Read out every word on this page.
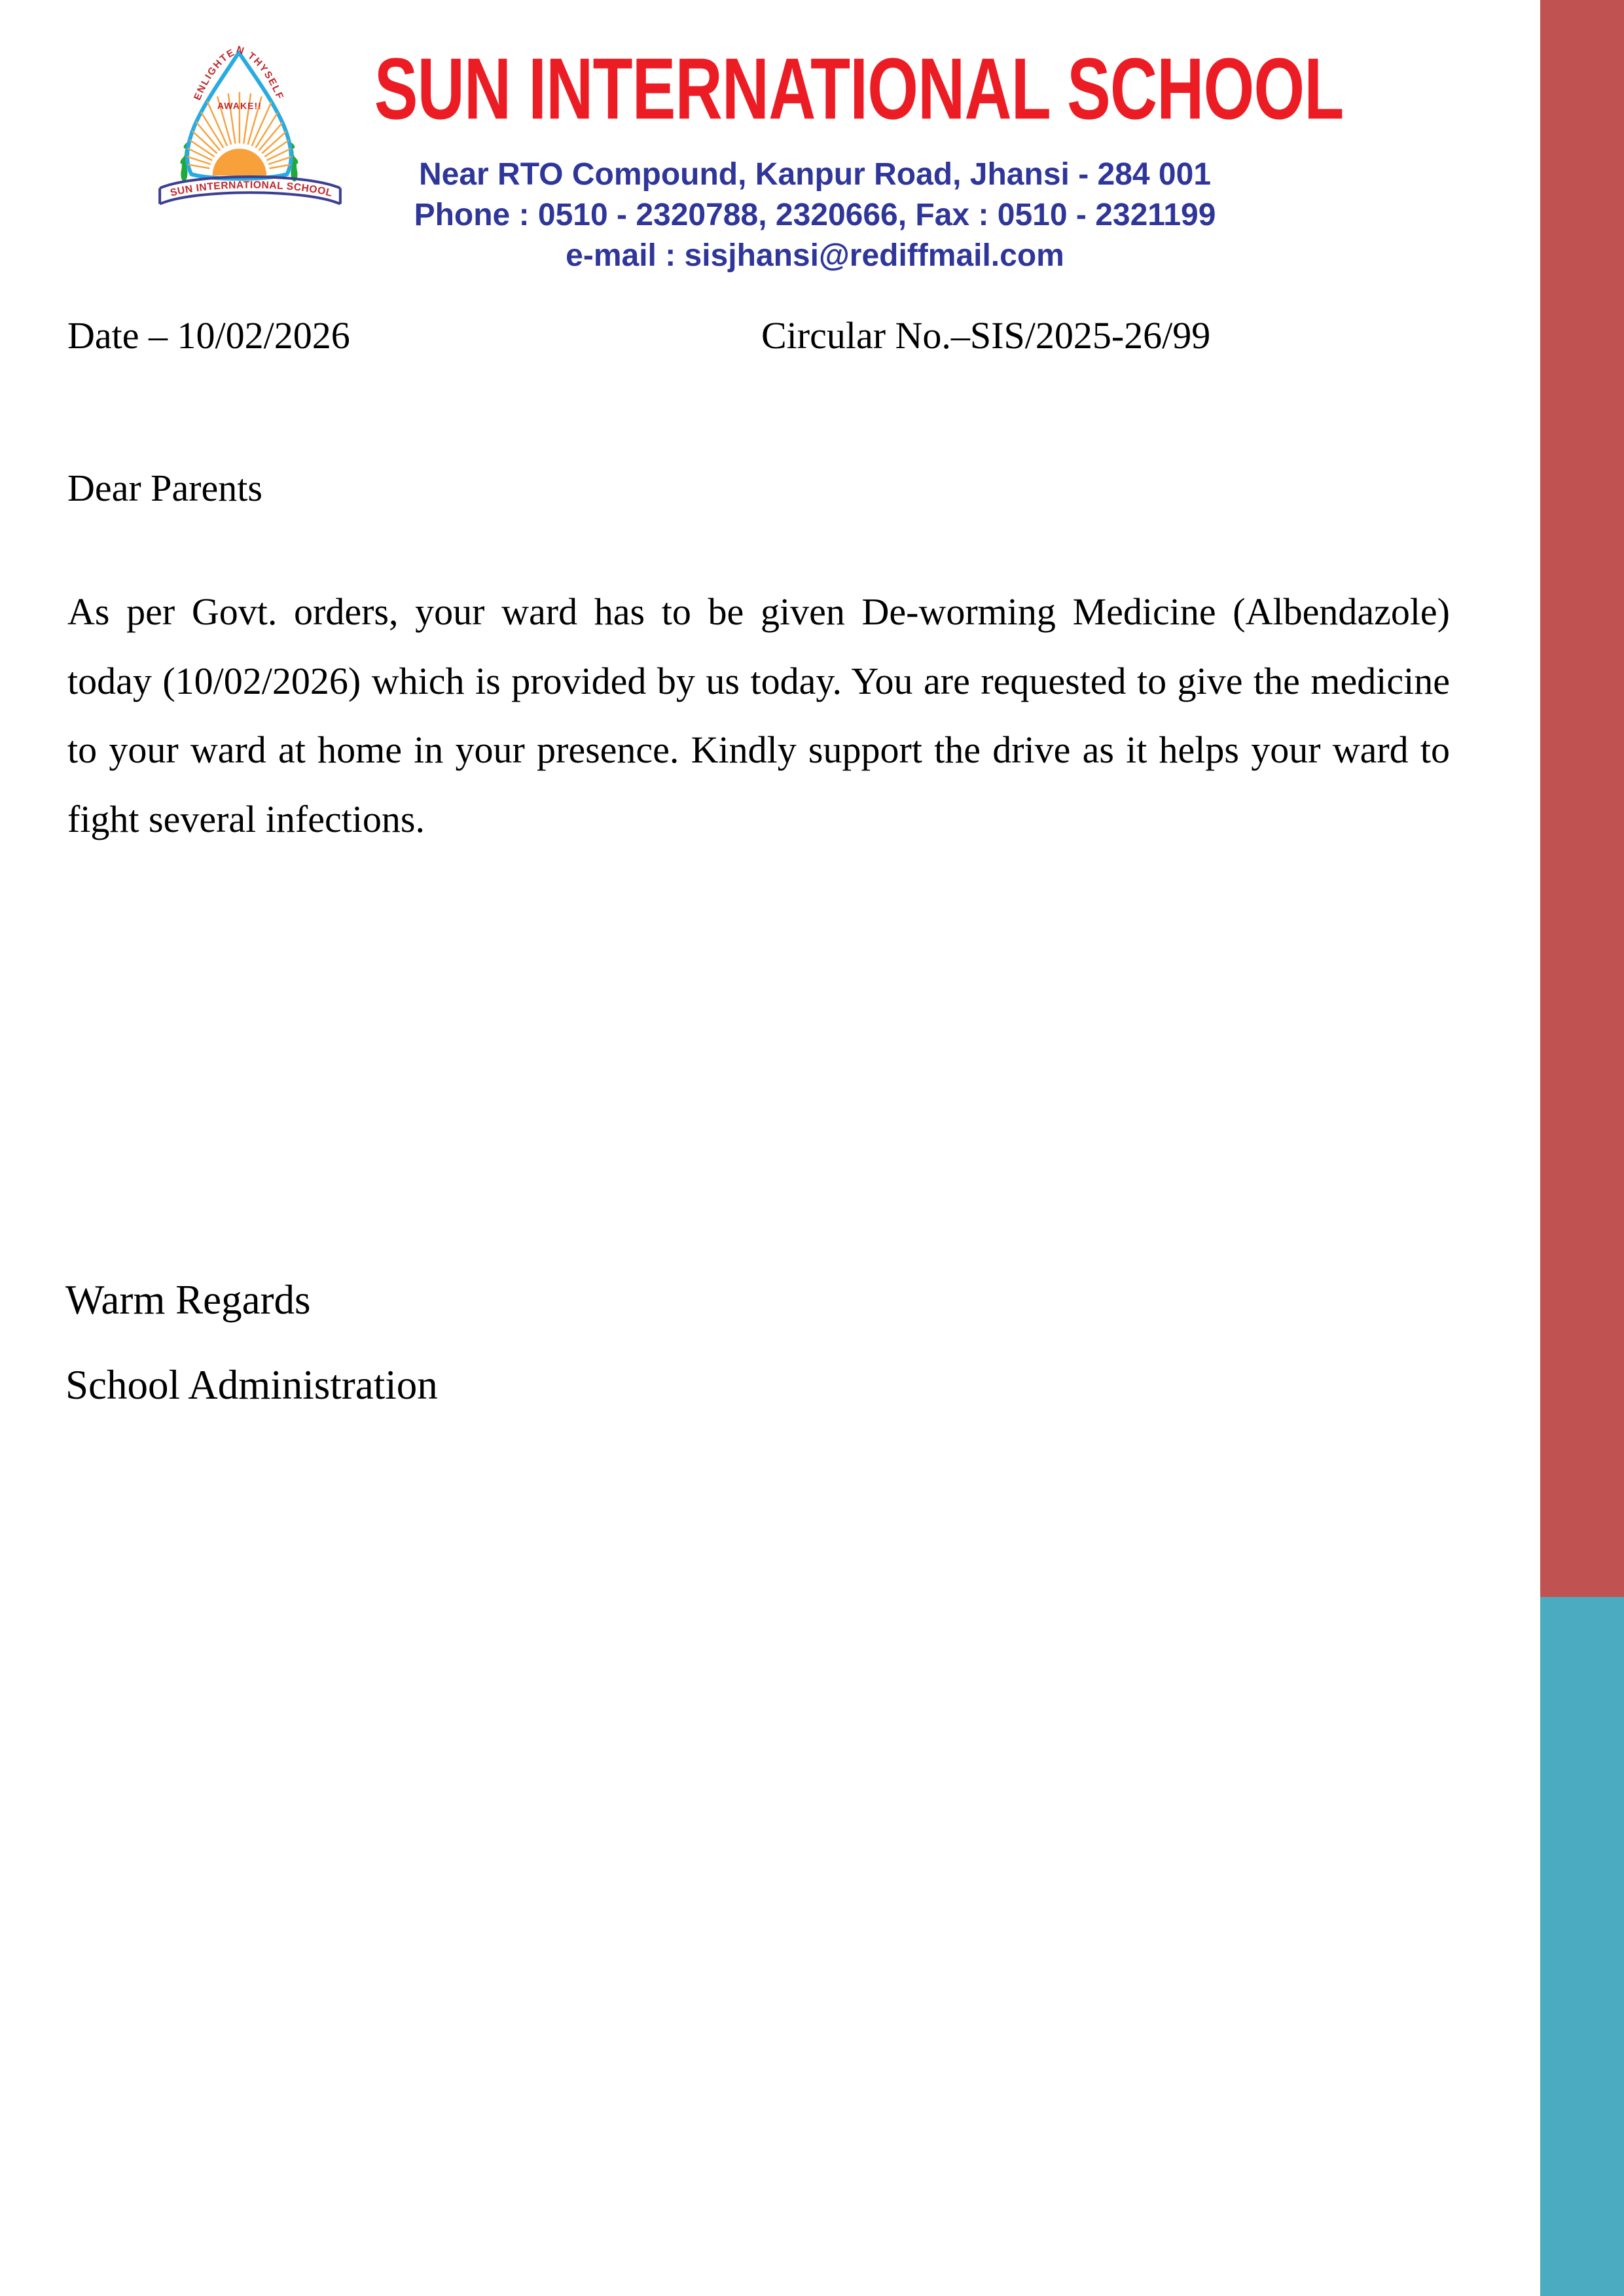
ENLIGHTEN THYSELF
AWAKE!!
SUN INTERNATIONAL SCHOOL
SUN INTERNATIONAL SCHOOL
Near RTO Compound, Kanpur Road, Jhansi - 284 001
Phone : 0510 - 2320788, 2320666, Fax : 0510 - 2321199
e-mail : sisjhansi@rediffmail.com
Date – 10/02/2026	Circular No.–SIS/2025-26/99
Dear Parents
As per Govt. orders, your ward has to be given De-worming Medicine (Albendazole) today (10/02/2026) which is provided by us today. You are requested to give the medicine to your ward at home in your presence. Kindly support the drive as it helps your ward to fight several infections.
Warm Regards
School Administration
